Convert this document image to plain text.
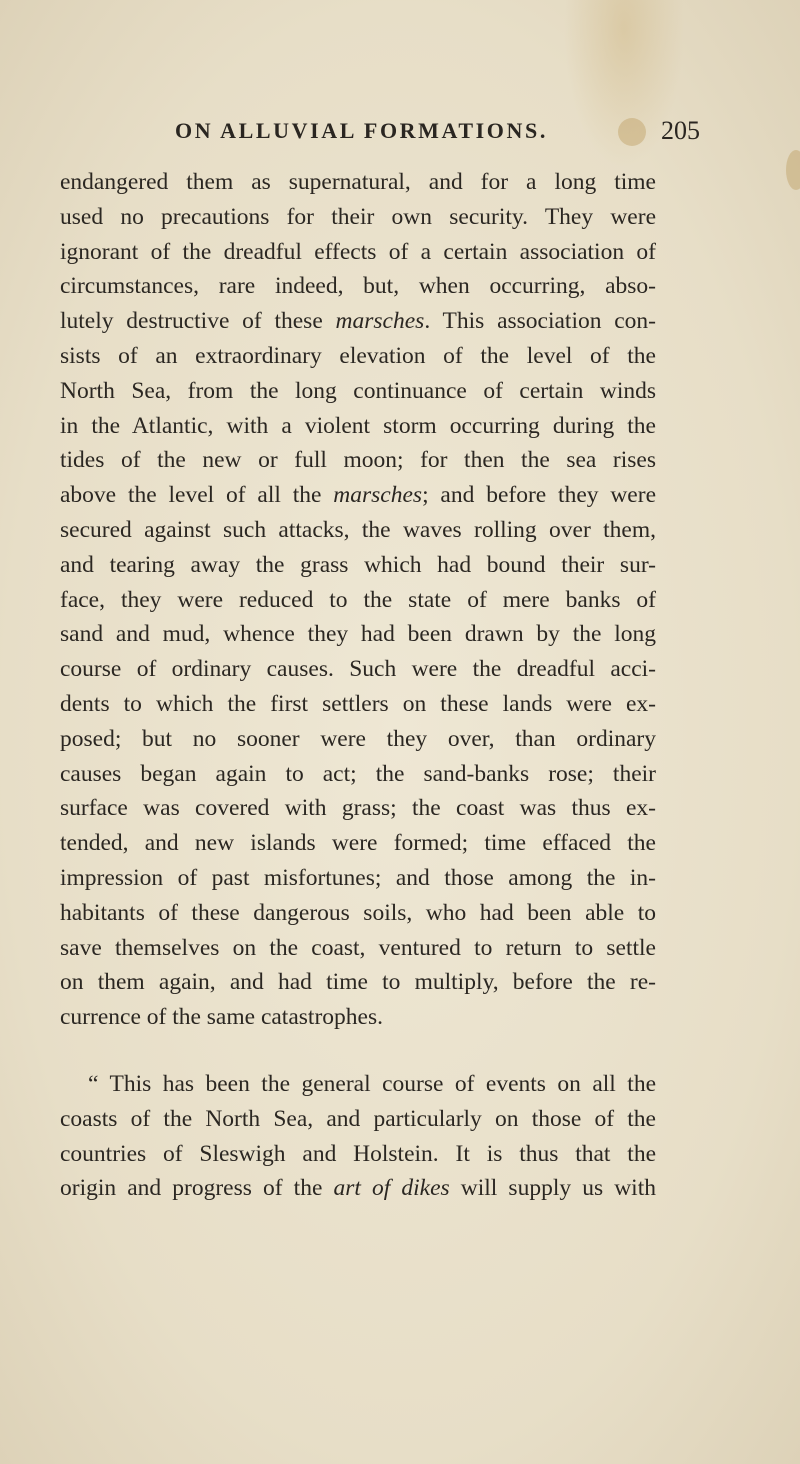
ON ALLUVIAL FORMATIONS.	205
endangered them as supernatural, and for a long time
used no precautions for their own security. They were
ignorant of the dreadful effects of a certain association of
circumstances, rare indeed, but, when occurring, abso-
lutely destructive of these marsches. This association con-
sists of an extraordinary elevation of the level of the
North Sea, from the long continuance of certain winds
in the Atlantic, with a violent storm occurring during the
tides of the new or full moon; for then the sea rises
above the level of all the marsches; and before they were
secured against such attacks, the waves rolling over them,
and tearing away the grass which had bound their sur-
face, they were reduced to the state of mere banks of
sand and mud, whence they had been drawn by the long
course of ordinary causes. Such were the dreadful acci-
dents to which the first settlers on these lands were ex-
posed; but no sooner were they over, than ordinary
causes began again to act; the sand-banks rose; their
surface was covered with grass; the coast was thus ex-
tended, and new islands were formed; time effaced the
impression of past misfortunes; and those among the in-
habitants of these dangerous soils, who had been able to
save themselves on the coast, ventured to return to settle
on them again, and had time to multiply, before the re-
currence of the same catastrophes.
“ This has been the general course of events on all the
coasts of the North Sea, and particularly on those of the
countries of Sleswigh and Holstein. It is thus that the
origin and progress of the art of dikes will supply us with
